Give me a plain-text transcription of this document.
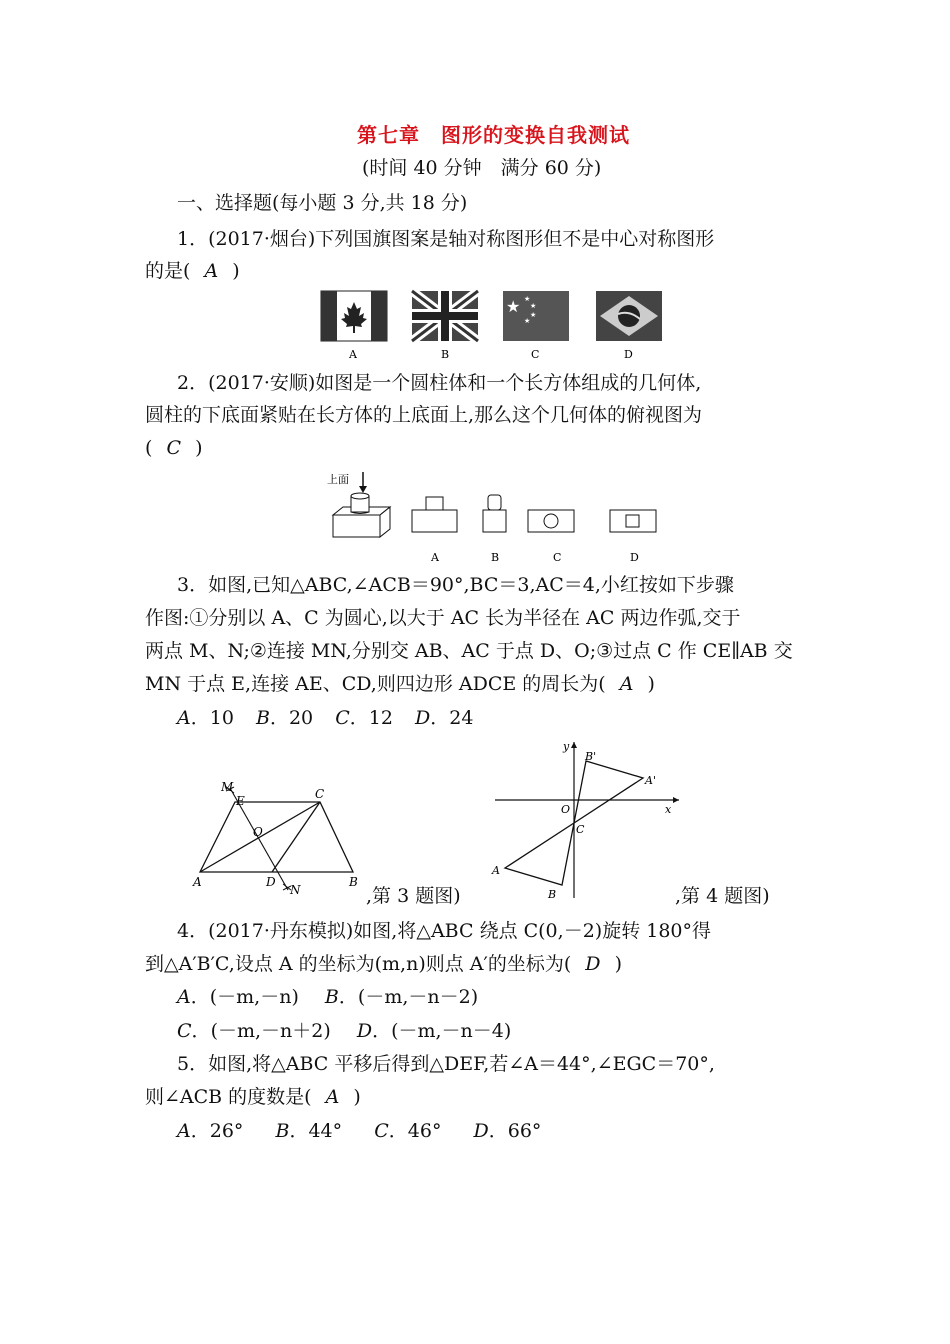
第七章　图形的变换自我测试
(时间 40 分钟　满分 60 分)
一、选择题(每小题 3 分,共 18 分)
1．(2017·烟台)下列国旗图案是轴对称图形但不是中心对称图形
的是( A )
★ ★
★
★
★
A	B	C	D
2．(2017·安顺)如图是一个圆柱体和一个长方体组成的几何体,
圆柱的下底面紧贴在长方体的上底面上,那么这个几何体的俯视图为
( C )
上面
A	B	C	D
3．如图,已知△ABC,∠ACB＝90°,BC＝3,AC＝4,小红按如下步骤
作图:①分别以 A、C 为圆心,以大于 AC 长为半径在 AC 两边作弧,交于
两点 M、N;②连接 MN,分别交 AB、AC 于点 D、O;③过点 C 作 CE∥AB 交
MN 于点 E,连接 AE、CD,则四边形 ADCE 的周长为( A )
A．10 B．20 C．12 D．24
M
E	C
O
A	D
N
B
,第 3 题图)
y
B'
A'
O	x
C
A
B	,第 4 题图)
4．(2017·丹东模拟)如图,将△ABC 绕点 C(0,－2)旋转 180°得
到△A′B′C,设点 A 的坐标为(m,n)则点 A′的坐标为( D )
A．(－m,－n) B．(－m,－n－2)
C．(－m,－n＋2) D．(－m,－n－4)
5．如图,将△ABC 平移后得到△DEF,若∠A＝44°,∠EGC＝70°,
则∠ACB 的度数是( A )
A．26° B．44° C．46° D．66°
